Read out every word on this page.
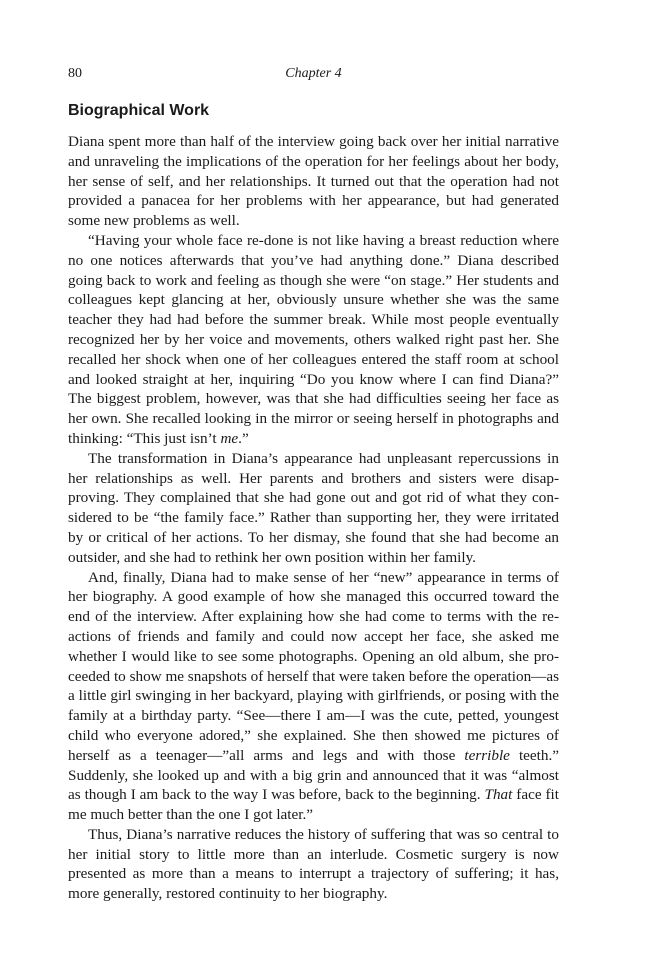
80	Chapter 4
Biographical Work

Diana spent more than half of the interview going back over her initial narrative and unraveling the implications of the operation for her feelings about her body, her sense of self, and her relationships. It turned out that the operation had not provided a panacea for her problems with her appearance, but had generated some new problems as well.

“Having your whole face re-done is not like having a breast reduction where no one notices afterwards that you’ve had anything done.” Diana described going back to work and feeling as though she were “on stage.” Her students and colleagues kept glancing at her, obviously unsure whether she was the same teacher they had had before the summer break. While most people eventually recognized her by her voice and movements, others walked right past her. She recalled her shock when one of her colleagues entered the staff room at school and looked straight at her, inquiring “Do you know where I can find Diana?” The biggest problem, however, was that she had difficulties seeing her face as her own. She recalled looking in the mirror or seeing herself in photographs and thinking: “This just isn’t me.”

The transformation in Diana’s appearance had unpleasant repercussions in her relationships as well. Her parents and brothers and sisters were disapproving. They complained that she had gone out and got rid of what they considered to be “the family face.” Rather than supporting her, they were irritated by or critical of her actions. To her dismay, she found that she had become an outsider, and she had to rethink her own position within her family.

And, finally, Diana had to make sense of her “new” appearance in terms of her biography. A good example of how she managed this occurred toward the end of the interview. After explaining how she had come to terms with the reactions of friends and family and could now accept her face, she asked me whether I would like to see some photographs. Opening an old album, she proceeded to show me snapshots of herself that were taken before the operation—as a little girl swinging in her backyard, playing with girlfriends, or posing with the family at a birthday party. “See—there I am—I was the cute, petted, youngest child who everyone adored,” she explained. She then showed me pictures of herself as a teenager—”all arms and legs and with those terrible teeth.” Suddenly, she looked up and with a big grin and announced that it was “almost as though I am back to the way I was before, back to the beginning. That face fit me much better than the one I got later.”

Thus, Diana’s narrative reduces the history of suffering that was so central to her initial story to little more than an interlude. Cosmetic surgery is now presented as more than a means to interrupt a trajectory of suffering; it has, more generally, restored continuity to her biography.
